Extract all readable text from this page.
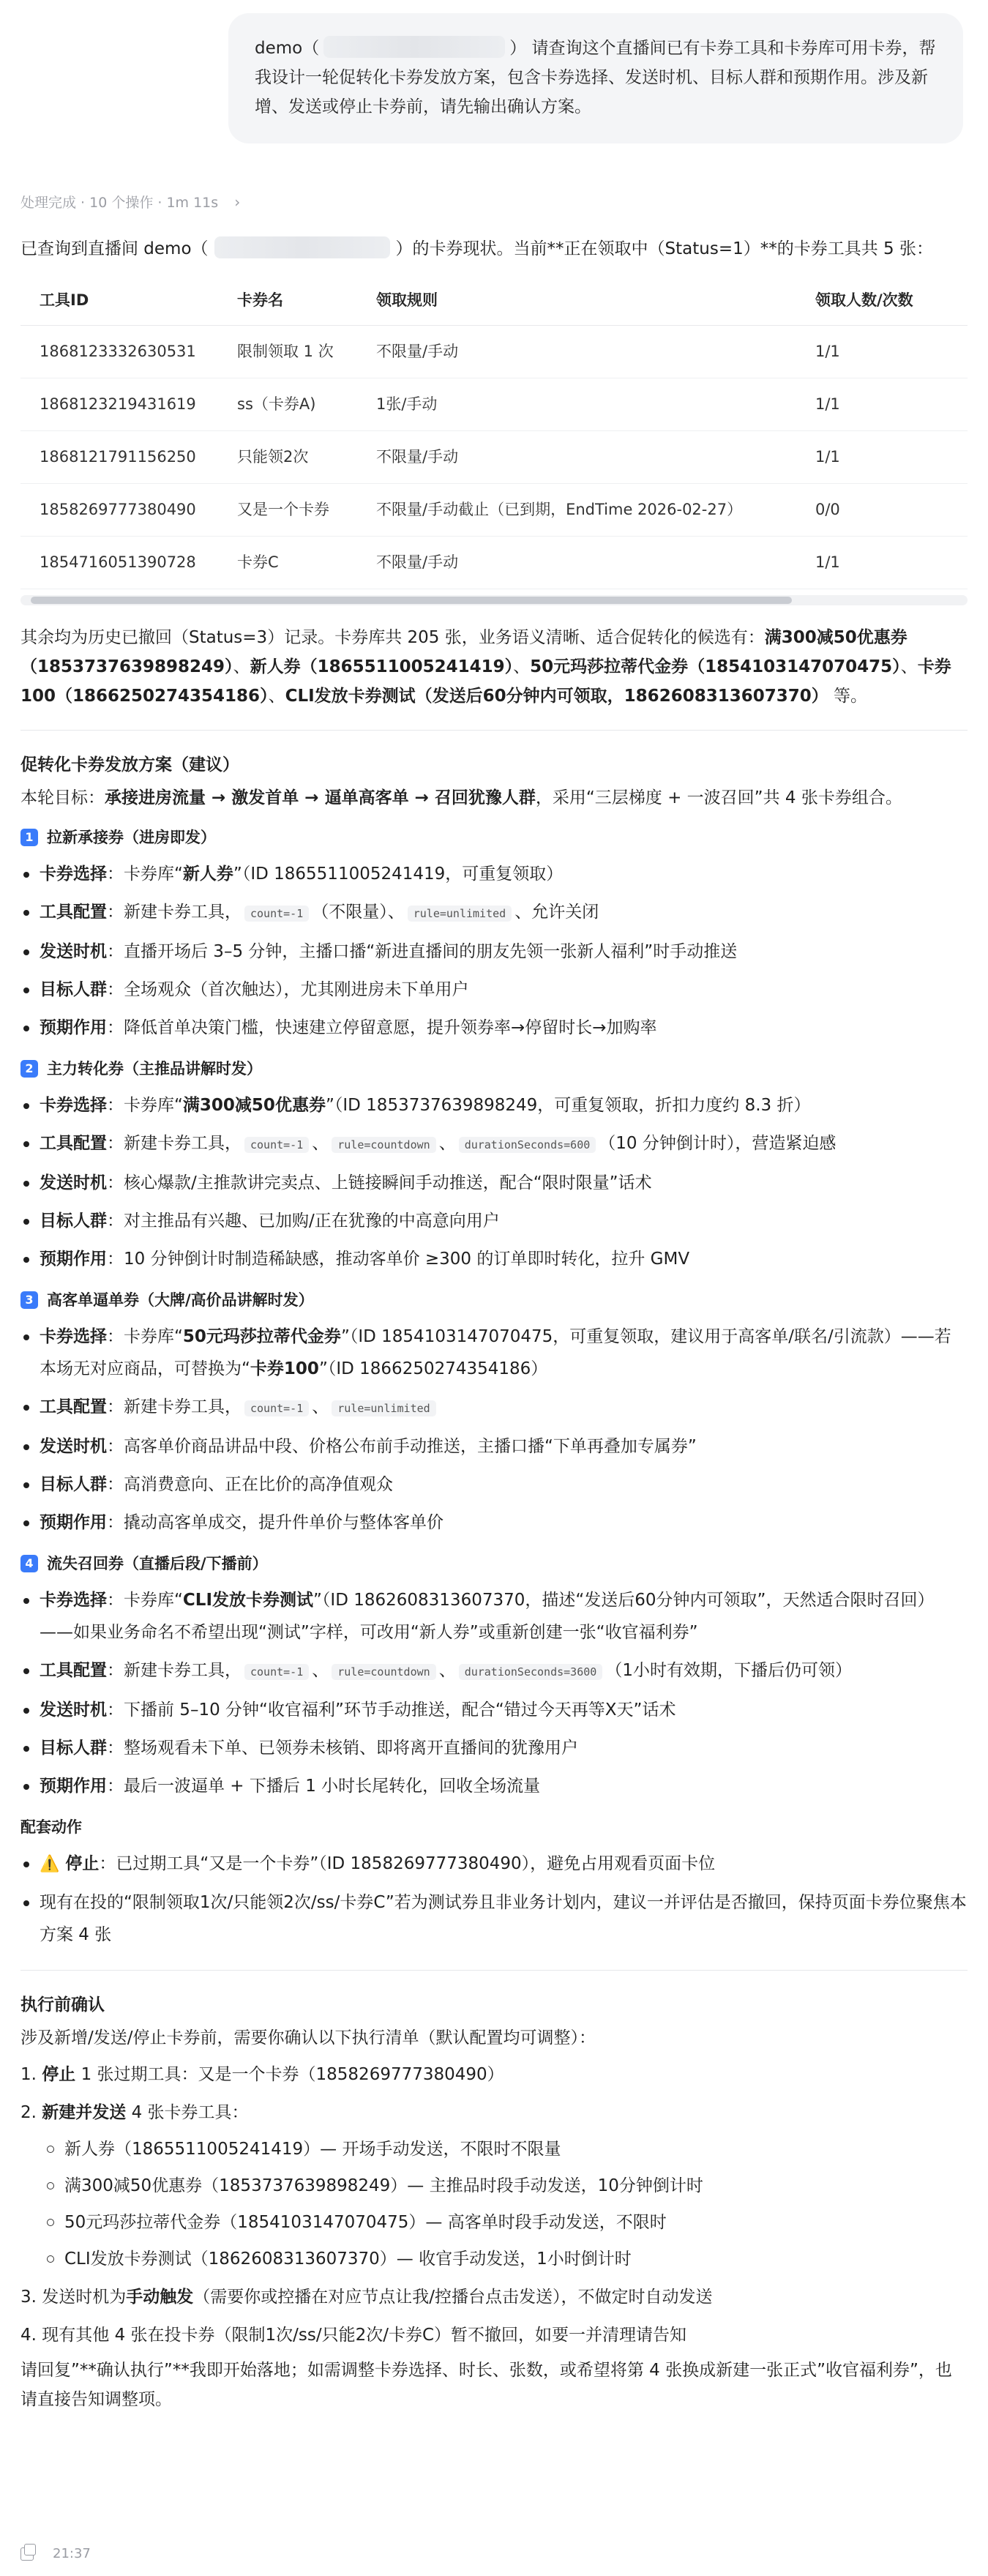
demo（	） 请查询这个直播间已有卡券工具和卡券库可用卡券，帮我设计一轮促转化卡券发放方案，包含卡券选择、发送时机、目标人群和预期作用。涉及新增、发送或停止卡券前，请先输出确认方案。
处理完成 · 10 个操作 · 1m 11s ›

已查询到直播间 demo（	）的卡券现状。当前**正在领取中（Status=1）**的卡券工具共 5 张：

工具ID	卡券名	领取规则	领取人数/次数
1868123332630531	限制领取 1 次	不限量/手动	1/1
1868123219431619	ss（卡券A)	1张/手动	1/1
1868121791156250	只能领2次	不限量/手动	1/1
1858269777380490	又是一个卡券	不限量/手动截止（已到期，EndTime 2026-02-27）	0/0
1854716051390728	卡券C	不限量/手动	1/1

其余均为历史已撤回（Status=3）记录。卡券库共 205 张，业务语义清晰、适合促转化的候选有：满300减50优惠券（1853737639898249）、新人券（1865511005241419）、50元玛莎拉蒂代金券（1854103147070475）、卡券100（1866250274354186）、CLI发放卡券测试（发送后60分钟内可领取，1862608313607370） 等。

促转化卡券发放方案（建议）

本轮目标：承接进房流量 → 激发首单 → 逼单高客单 → 召回犹豫人群，采用“三层梯度 + 一波召回”共 4 张卡券组合。

1 拉新承接券（进房即发）
卡券选择：卡券库“新人券”（ID 1865511005241419，可重复领取）
工具配置：新建卡券工具， count=-1 （不限量）、 rule=unlimited 、允许关闭
发送时机：直播开场后 3–5 分钟，主播口播“新进直播间的朋友先领一张新人福利”时手动推送
目标人群：全场观众（首次触达），尤其刚进房未下单用户
预期作用：降低首单决策门槛，快速建立停留意愿，提升领券率→停留时长→加购率
2 主力转化券（主推品讲解时发）
卡券选择：卡券库“满300减50优惠券”（ID 1853737639898249，可重复领取，折扣力度约 8.3 折）
工具配置：新建卡券工具， count=-1 、 rule=countdown 、 durationSeconds=600 （10 分钟倒计时），营造紧迫感
发送时机：核心爆款/主推款讲完卖点、上链接瞬间手动推送，配合“限时限量”话术
目标人群：对主推品有兴趣、已加购/正在犹豫的中高意向用户
预期作用：10 分钟倒计时制造稀缺感，推动客单价 ≥300 的订单即时转化，拉升 GMV
3 高客单逼单券（大牌/高价品讲解时发）
卡券选择：卡券库“50元玛莎拉蒂代金券”（ID 1854103147070475，可重复领取，建议用于高客单/联名/引流款）——若本场无对应商品，可替换为“卡券100”（ID 1866250274354186）
工具配置：新建卡券工具， count=-1 、 rule=unlimited
发送时机：高客单价商品讲品中段、价格公布前手动推送，主播口播“下单再叠加专属券”
目标人群：高消费意向、正在比价的高净值观众
预期作用：撬动高客单成交，提升件单价与整体客单价
4 流失召回券（直播后段/下播前）
卡券选择：卡券库“CLI发放卡券测试”（ID 1862608313607370，描述“发送后60分钟内可领取”，天然适合限时召回）——如果业务命名不希望出现“测试”字样，可改用“新人券”或重新创建一张“收官福利券”
工具配置：新建卡券工具， count=-1 、 rule=countdown 、 durationSeconds=3600 （1小时有效期，下播后仍可领）
发送时机：下播前 5–10 分钟“收官福利”环节手动推送，配合“错过今天再等X天”话术
目标人群：整场观看未下单、已领券未核销、即将离开直播间的犹豫用户
预期作用：最后一波逼单 + 下播后 1 小时长尾转化，回收全场流量
配套动作
⚠️ 停止：已过期工具“又是一个卡券”（ID 1858269777380490），避免占用观看页面卡位
现有在投的“限制领取1次/只能领2次/ss/卡券C”若为测试券且非业务计划内，建议一并评估是否撤回，保持页面卡券位聚焦本方案 4 张
执行前确认

涉及新增/发送/停止卡券前，需要你确认以下执行清单（默认配置均可调整）：

1. 停止 1 张过期工具：又是一个卡券（1858269777380490）
2. 新建并发送 4 张卡券工具：
新人券（1865511005241419）— 开场手动发送，不限时不限量
满300减50优惠券（1853737639898249）— 主推品时段手动发送，10分钟倒计时
50元玛莎拉蒂代金券（1854103147070475）— 高客单时段手动发送，不限时
CLI发放卡券测试（1862608313607370）— 收官手动发送，1小时倒计时
3. 发送时机为手动触发（需要你或控播在对应节点让我/控播台点击发送），不做定时自动发送
4. 现有其他 4 张在投卡券（限制1次/ss/只能2次/卡券C）暂不撤回，如要一并清理请告知

请回复”**确认执行”**我即开始落地；如需调整卡券选择、时长、张数，或希望将第 4 张换成新建一张正式”收官福利券”，也请直接告知调整项。

21:37
